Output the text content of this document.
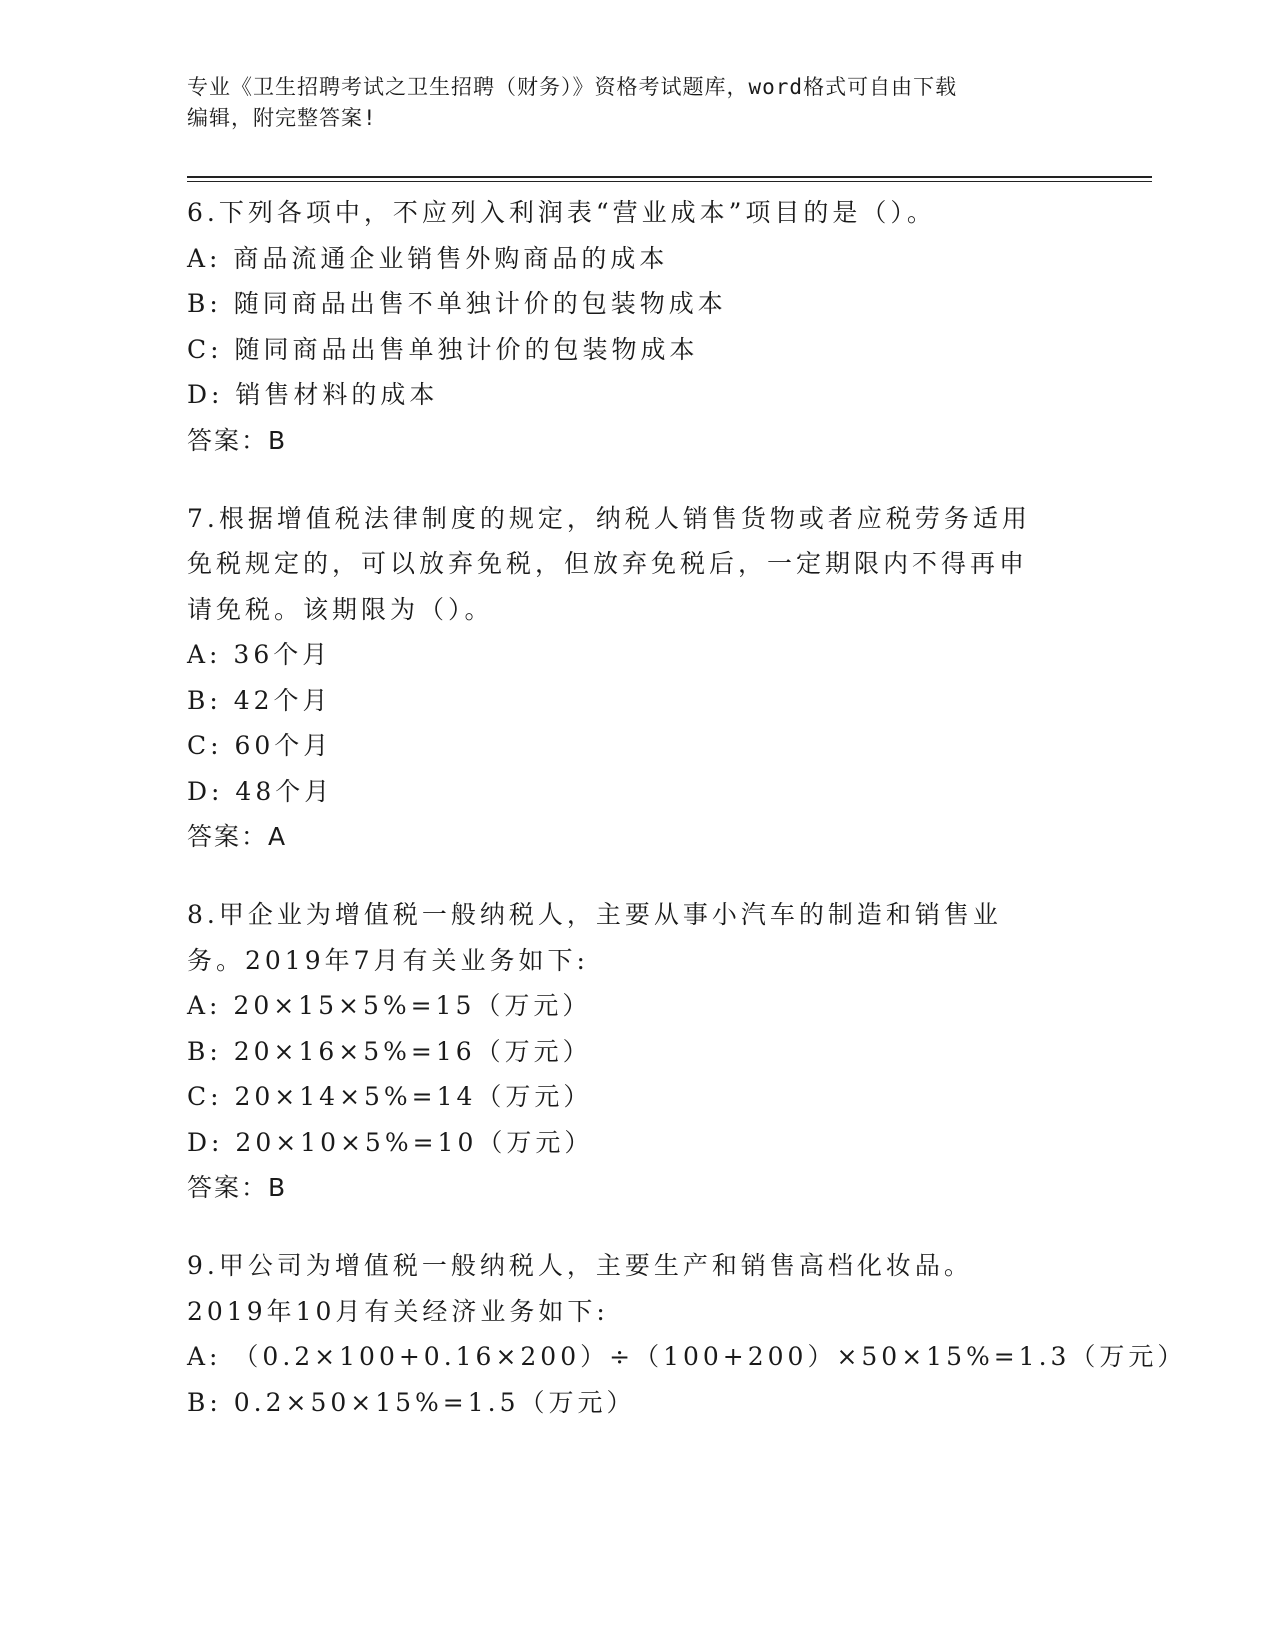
专业《卫生招聘考试之卫生招聘（财务）》资格考试题库，word格式可自由下载
编辑，附完整答案!
6.下列各项中，不应列入利润表“营业成本”项目的是（）。
A: 商品流通企业销售外购商品的成本
B: 随同商品出售不单独计价的包装物成本
C: 随同商品出售单独计价的包装物成本
D: 销售材料的成本
答案：B
7.根据增值税法律制度的规定，纳税人销售货物或者应税劳务适用免税规定的，可以放弃免税，但放弃免税后，一定期限内不得再申请免税。该期限为（）。
A: 36个月
B: 42个月
C: 60个月
D: 48个月
答案：A
8.甲企业为增值税一般纳税人，主要从事小汽车的制造和销售业务。2019年7月有关业务如下:
A: 20×15×5%=15（万元）
B: 20×16×5%=16（万元）
C: 20×14×5%=14（万元）
D: 20×10×5%=10（万元）
答案：B
9.甲公司为增值税一般纳税人，主要生产和销售高档化妆品。2019年10月有关经济业务如下:
A: （0.2×100+0.16×200）÷（100+200）×50×15%=1.3（万元）
B: 0.2×50×15%=1.5（万元）
